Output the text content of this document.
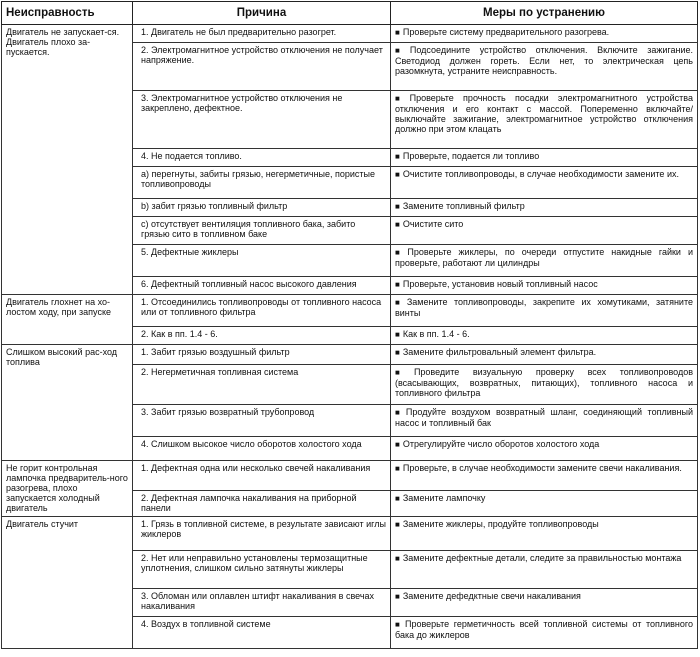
Неисправность	Причина	Меры по устранению
Двигатель не запускает-ся. Двигатель плохо за-пускается.	1. Двигатель не был предварительно разогрет.	■ Проверьте систему предварительного разогрева.
	2. Электромагнитное устройство отключения не получает напряжение.	■ Подсоедините устройство отключения. Включите зажигание. Светодиод должен гореть. Если нет, то электрическая цепь разомкнута, устраните неисправность.
	3. Электромагнитное устройство отключения не закреплено, дефектное.	■ Проверьте прочность посадки электромагнитного устройства отключения и его контакт с массой. Попеременно включайте/выключайте зажигание, электромагнитное устройство отключения должно при этом клацать
	4. Не подается топливо.	■ Проверьте, подается ли топливо
	а) перегнуты, забиты грязью, негерметичные, пористые топливопроводы	■ Очистите топливопроводы, в случае необходимости замените их.
	b) забит грязью топливный фильтр	■ Замените топливный фильтр
	с) отсутствует вентиляция топливного бака, забито грязью сито в топливном баке	■ Очистите сито
	5. Дефектные жиклеры	■ Проверьте жиклеры, по очереди отпустите накидные гайки и проверьте, работают ли цилиндры
	6. Дефектный топливный насос высокого давления	■ Проверьте, установив новый топливный насос
Двигатель глохнет на хо-лостом ходу, при запуске	1. Отсоединились топливопроводы от топливного насоса или от топливного фильтра	■ Замените топливопроводы, закрепите их хомутиками, затяните винты
	2. Как в пп. 1.4 - 6.	■ Как в пп. 1.4 - 6.
Слишком высокий рас-ход топлива	1. Забит грязью воздушный фильтр	■ Замените фильтровальный элемент фильтра.
	2. Негерметичная топливная система	■ Проведите визуальную проверку всех топливопроводов (всасывающих, возвратных, питающих), топливного насоса и топливного фильтра
	3. Забит грязью возвратный трубопровод	■ Продуйте воздухом возвратный шланг, соединяющий топливный насос и топливный бак
	4. Слишком высокое число оборотов холостого хода	■ Отрегулируйте число оборотов холостого хода
Не горит контрольная лампочка предваритель-ного разогрева, плохо запускается холодный двигатель	1. Дефектная одна или несколько свечей накаливания	■ Проверьте, в случае необходимости замените свечи накаливания.
	2. Дефектная лампочка накаливания на приборной панели	■ Замените лампочку
Двигатель стучит	1. Грязь в топливной системе, в результате зависают иглы жиклеров	■ Замените жиклеры, продуйте топливопроводы
	2. Нет или неправильно установлены термозащитные уплотнения, слишком сильно затянуты жиклеры	■ Замените дефектные детали, следите за правильностью монтажа
	3. Обломан или оплавлен штифт накаливания в свечах накаливания	■ Замените дефедктные свечи накаливания
	4. Воздух в топливной системе	■ Проверьте герметичность всей топливной системы от топливного бака до жиклеров
